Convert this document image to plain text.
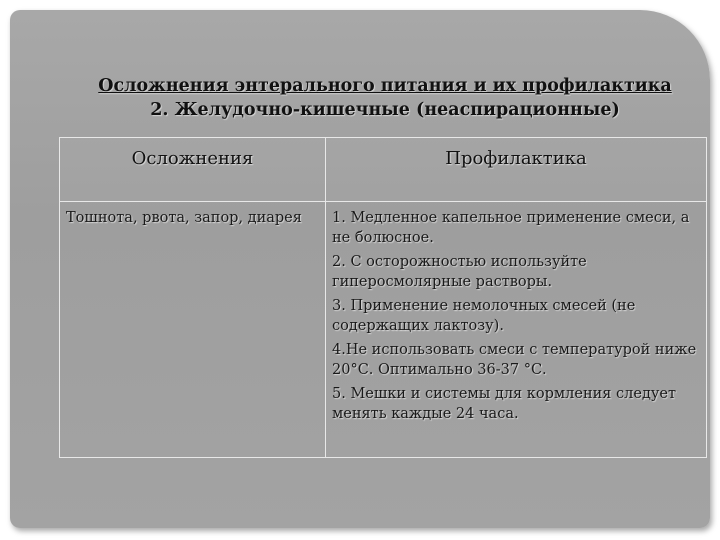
Осложнения энтерального питания и их профилактика
2. Желудочно-кишечные (неаспирационные)
Осложнения	Профилактика
Тошнота, рвота, запор, диарея	1. Медленное капельное применение смеси, а не болюсное.
2. С осторожностью используйте гиперосмолярные растворы.
3. Применение немолочных смесей (не содержащих лактозу).
4.Не использовать смеси с температурой ниже 20°С. Оптимально 36-37 °С.
5. Мешки и системы для кормления следует менять каждые 24 часа.
